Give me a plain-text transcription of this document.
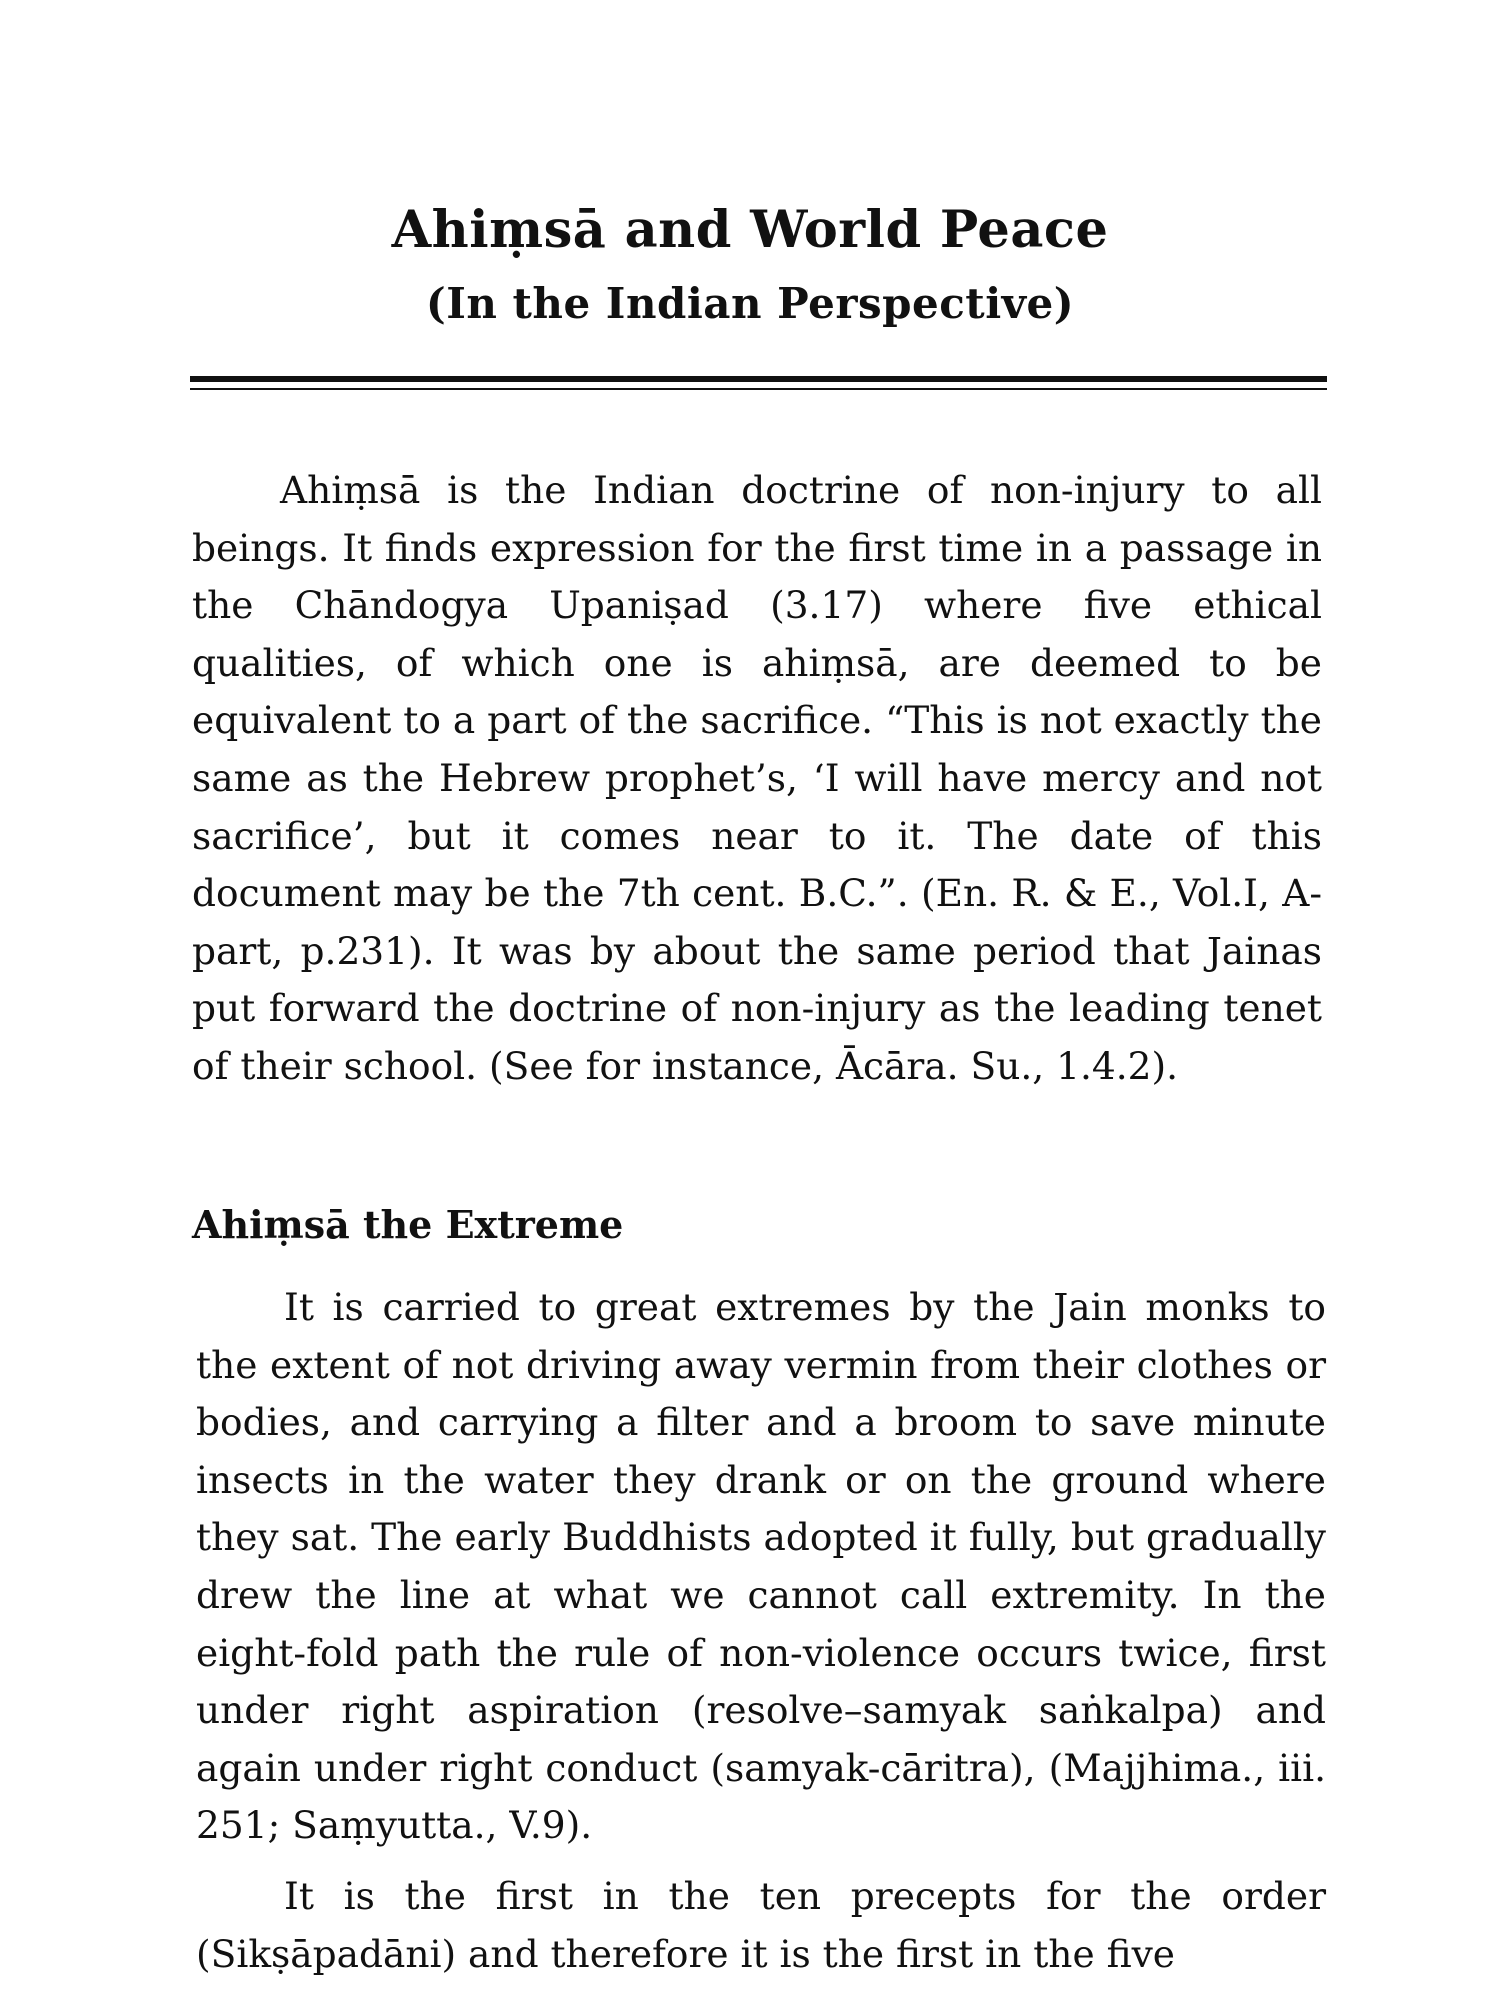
Ahiṃsā and World Peace
(In the Indian Perspective)

Ahiṃsā is the Indian doctrine of non-injury to all beings. It finds expression for the first time in a passage in the Chāndogya Upaniṣad (3.17) where five ethical qualities, of which one is ahiṃsā, are deemed to be equivalent to a part of the sacrifice. “This is not exactly the same as the Hebrew prophet’s, ‘I will have mercy and not sacrifice’, but it comes near to it. The date of this document may be the 7th cent. B.C.”. (En. R. & E., Vol.I, A-part, p.231). It was by about the same period that Jainas put forward the doctrine of non-injury as the leading tenet of their school. (See for instance, Ācāra. Su., 1.4.2).

Ahiṃsā the Extreme

It is carried to great extremes by the Jain monks to the extent of not driving away vermin from their clothes or bodies, and carrying a filter and a broom to save minute insects in the water they drank or on the ground where they sat. The early Buddhists adopted it fully, but gradually drew the line at what we cannot call extremity. In the eight-fold path the rule of non-violence occurs twice, first under right aspiration (resolve–samyak saṅkalpa) and again under right conduct (samyak-cāritra), (Majjhima., iii. 251; Saṃyutta., V.9).

It is the first in the ten precepts for the order (Sikṣāpadāni) and therefore it is the first in the five
